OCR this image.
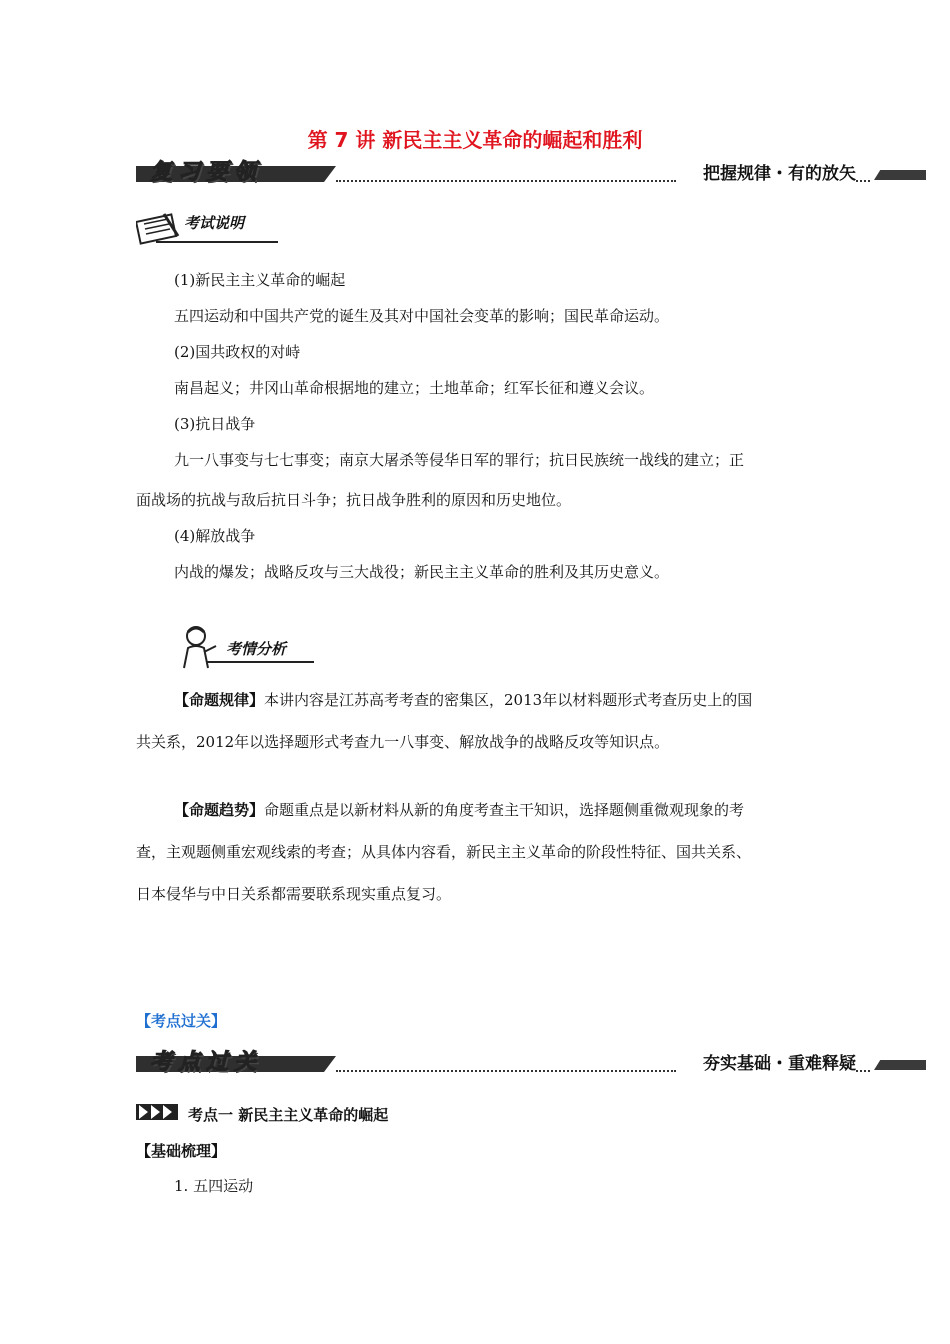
第 7 讲 新民主主义革命的崛起和胜利
复习要领	把握规律・有的放矢
考试说明
(1)新民主主义革命的崛起
五四运动和中国共产党的诞生及其对中国社会变革的影响；国民革命运动。
(2)国共政权的对峙
南昌起义；井冈山革命根据地的建立；土地革命；红军长征和遵义会议。
(3)抗日战争
九一八事变与七七事变；南京大屠杀等侵华日军的罪行；抗日民族统一战线的建立；正
面战场的抗战与敌后抗日斗争；抗日战争胜利的原因和历史地位。
(4)解放战争
内战的爆发；战略反攻与三大战役；新民主主义革命的胜利及其历史意义。
考情分析
【命题规律】本讲内容是江苏高考考查的密集区，2013年以材料题形式考查历史上的国
共关系，2012年以选择题形式考查九一八事变、解放战争的战略反攻等知识点。
【命题趋势】命题重点是以新材料从新的角度考查主干知识，选择题侧重微观现象的考
查，主观题侧重宏观线索的考查；从具体内容看，新民主主义革命的阶段性特征、国共关系、
日本侵华与中日关系都需要联系现实重点复习。
【考点过关】
考点过关	夯实基础・重难释疑
考点一 新民主主义革命的崛起
【基础梳理】
1. 五四运动
